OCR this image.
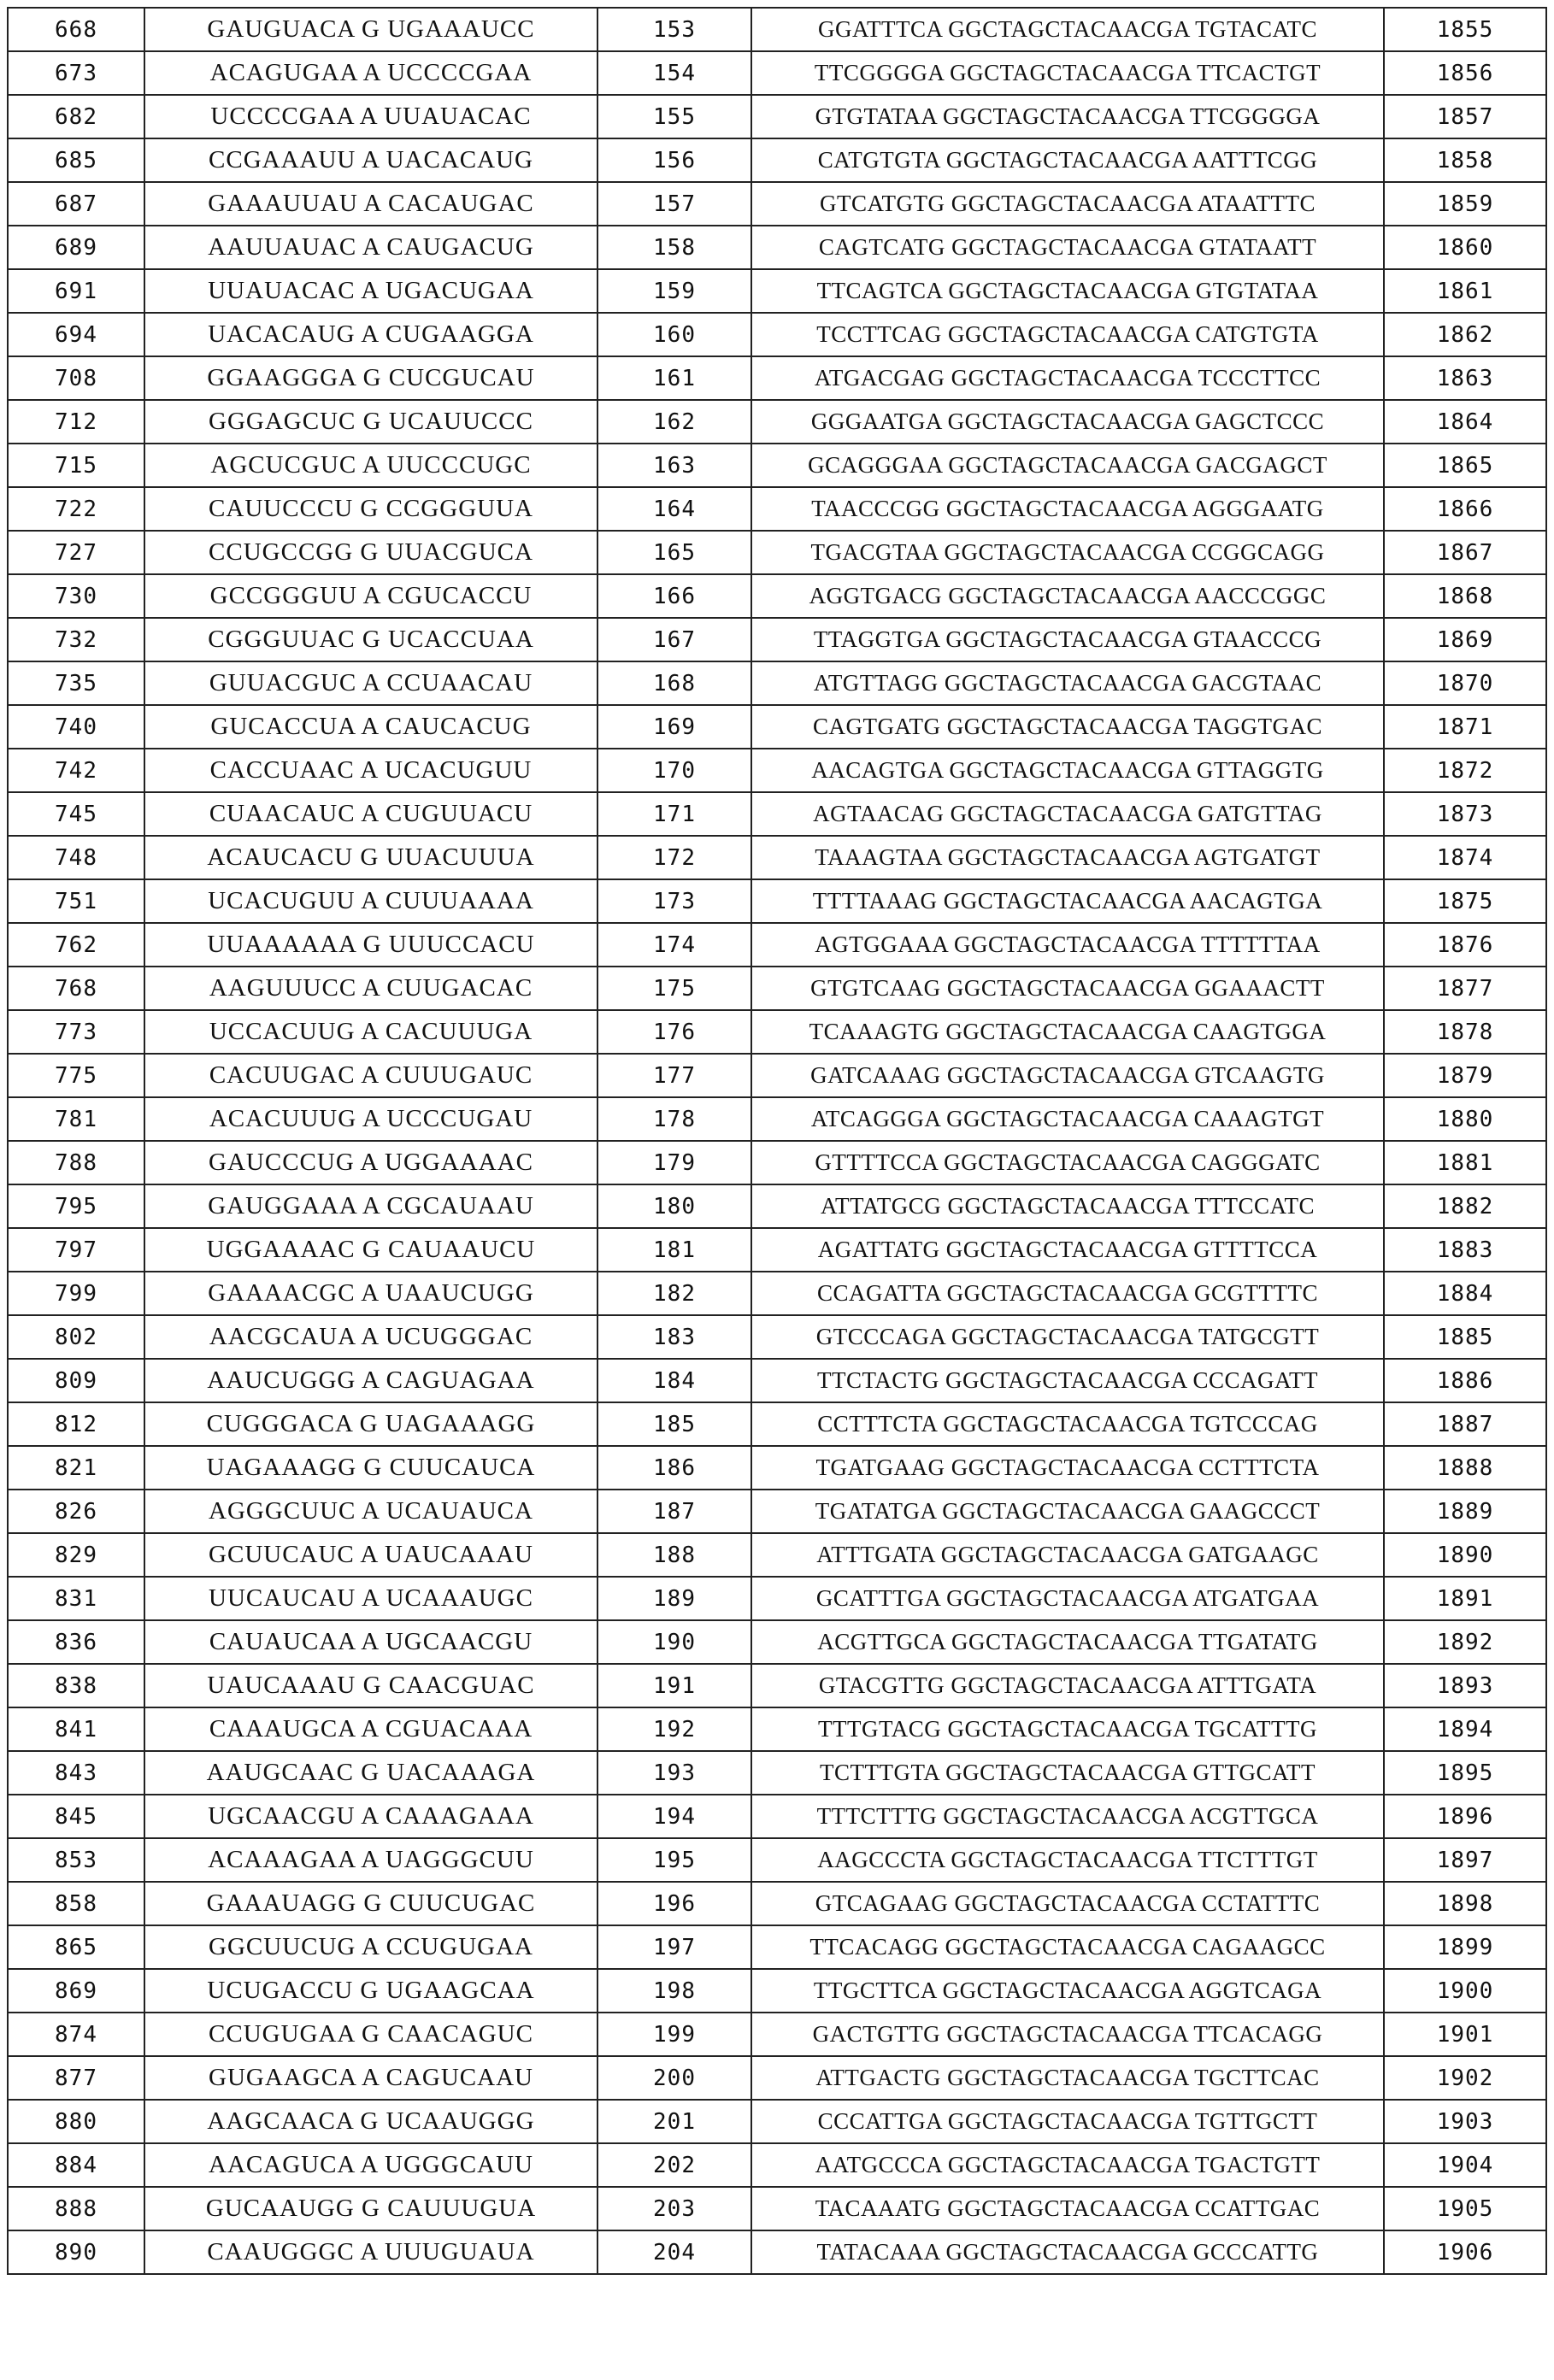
668	GAUGUACA G UGAAAUCC	153	GGATTTCA GGCTAGCTACAACGA TGTACATC	1855
673	ACAGUGAA A UCCCCGAA	154	TTCGGGGA GGCTAGCTACAACGA TTCACTGT	1856
682	UCCCCGAA A UUAUACAC	155	GTGTATAA GGCTAGCTACAACGA TTCGGGGA	1857
685	CCGAAAUU A UACACAUG	156	CATGTGTA GGCTAGCTACAACGA AATTTCGG	1858
687	GAAAUUAU A CACAUGAC	157	GTCATGTG GGCTAGCTACAACGA ATAATTTC	1859
689	AAUUAUAC A CAUGACUG	158	CAGTCATG GGCTAGCTACAACGA GTATAATT	1860
691	UUAUACAC A UGACUGAA	159	TTCAGTCA GGCTAGCTACAACGA GTGTATAA	1861
694	UACACAUG A CUGAAGGA	160	TCCTTCAG GGCTAGCTACAACGA CATGTGTA	1862
708	GGAAGGGA G CUCGUCAU	161	ATGACGAG GGCTAGCTACAACGA TCCCTTCC	1863
712	GGGAGCUC G UCAUUCCC	162	GGGAATGA GGCTAGCTACAACGA GAGCTCCC	1864
715	AGCUCGUC A UUCCCUGC	163	GCAGGGAA GGCTAGCTACAACGA GACGAGCT	1865
722	CAUUCCCU G CCGGGUUA	164	TAACCCGG GGCTAGCTACAACGA AGGGAATG	1866
727	CCUGCCGG G UUACGUCA	165	TGACGTAA GGCTAGCTACAACGA CCGGCAGG	1867
730	GCCGGGUU A CGUCACCU	166	AGGTGACG GGCTAGCTACAACGA AACCCGGC	1868
732	CGGGUUAC G UCACCUAA	167	TTAGGTGA GGCTAGCTACAACGA GTAACCCG	1869
735	GUUACGUC A CCUAACAU	168	ATGTTAGG GGCTAGCTACAACGA GACGTAAC	1870
740	GUCACCUA A CAUCACUG	169	CAGTGATG GGCTAGCTACAACGA TAGGTGAC	1871
742	CACCUAAC A UCACUGUU	170	AACAGTGA GGCTAGCTACAACGA GTTAGGTG	1872
745	CUAACAUC A CUGUUACU	171	AGTAACAG GGCTAGCTACAACGA GATGTTAG	1873
748	ACAUCACU G UUACUUUA	172	TAAAGTAA GGCTAGCTACAACGA AGTGATGT	1874
751	UCACUGUU A CUUUAAAA	173	TTTTAAAG GGCTAGCTACAACGA AACAGTGA	1875
762	UUAAAAAA G UUUCCACU	174	AGTGGAAA GGCTAGCTACAACGA TTTTTTAA	1876
768	AAGUUUCC A CUUGACAC	175	GTGTCAAG GGCTAGCTACAACGA GGAAACTT	1877
773	UCCACUUG A CACUUUGA	176	TCAAAGTG GGCTAGCTACAACGA CAAGTGGA	1878
775	CACUUGAC A CUUUGAUC	177	GATCAAAG GGCTAGCTACAACGA GTCAAGTG	1879
781	ACACUUUG A UCCCUGAU	178	ATCAGGGA GGCTAGCTACAACGA CAAAGTGT	1880
788	GAUCCCUG A UGGAAAAC	179	GTTTTCCA GGCTAGCTACAACGA CAGGGATC	1881
795	GAUGGAAA A CGCAUAAU	180	ATTATGCG GGCTAGCTACAACGA TTTCCATC	1882
797	UGGAAAAC G CAUAAUCU	181	AGATTATG GGCTAGCTACAACGA GTTTTCCA	1883
799	GAAAACGC A UAAUCUGG	182	CCAGATTA GGCTAGCTACAACGA GCGTTTTC	1884
802	AACGCAUA A UCUGGGAC	183	GTCCCAGA GGCTAGCTACAACGA TATGCGTT	1885
809	AAUCUGGG A CAGUAGAA	184	TTCTACTG GGCTAGCTACAACGA CCCAGATT	1886
812	CUGGGACA G UAGAAAGG	185	CCTTTCTA GGCTAGCTACAACGA TGTCCCAG	1887
821	UAGAAAGG G CUUCAUCA	186	TGATGAAG GGCTAGCTACAACGA CCTTTCTA	1888
826	AGGGCUUC A UCAUAUCA	187	TGATATGA GGCTAGCTACAACGA GAAGCCCT	1889
829	GCUUCAUC A UAUCAAAU	188	ATTTGATA GGCTAGCTACAACGA GATGAAGC	1890
831	UUCAUCAU A UCAAAUGC	189	GCATTTGA GGCTAGCTACAACGA ATGATGAA	1891
836	CAUAUCAA A UGCAACGU	190	ACGTTGCA GGCTAGCTACAACGA TTGATATG	1892
838	UAUCAAAU G CAACGUAC	191	GTACGTTG GGCTAGCTACAACGA ATTTGATA	1893
841	CAAAUGCA A CGUACAAA	192	TTTGTACG GGCTAGCTACAACGA TGCATTTG	1894
843	AAUGCAAC G UACAAAGA	193	TCTTTGTA GGCTAGCTACAACGA GTTGCATT	1895
845	UGCAACGU A CAAAGAAA	194	TTTCTTTG GGCTAGCTACAACGA ACGTTGCA	1896
853	ACAAAGAA A UAGGGCUU	195	AAGCCCTA GGCTAGCTACAACGA TTCTTTGT	1897
858	GAAAUAGG G CUUCUGAC	196	GTCAGAAG GGCTAGCTACAACGA CCTATTTC	1898
865	GGCUUCUG A CCUGUGAA	197	TTCACAGG GGCTAGCTACAACGA CAGAAGCC	1899
869	UCUGACCU G UGAAGCAA	198	TTGCTTCA GGCTAGCTACAACGA AGGTCAGA	1900
874	CCUGUGAA G CAACAGUC	199	GACTGTTG GGCTAGCTACAACGA TTCACAGG	1901
877	GUGAAGCA A CAGUCAAU	200	ATTGACTG GGCTAGCTACAACGA TGCTTCAC	1902
880	AAGCAACA G UCAAUGGG	201	CCCATTGA GGCTAGCTACAACGA TGTTGCTT	1903
884	AACAGUCA A UGGGCAUU	202	AATGCCCA GGCTAGCTACAACGA TGACTGTT	1904
888	GUCAAUGG G CAUUUGUA	203	TACAAATG GGCTAGCTACAACGA CCATTGAC	1905
890	CAAUGGGC A UUUGUAUA	204	TATACAAA GGCTAGCTACAACGA GCCCATTG	1906
